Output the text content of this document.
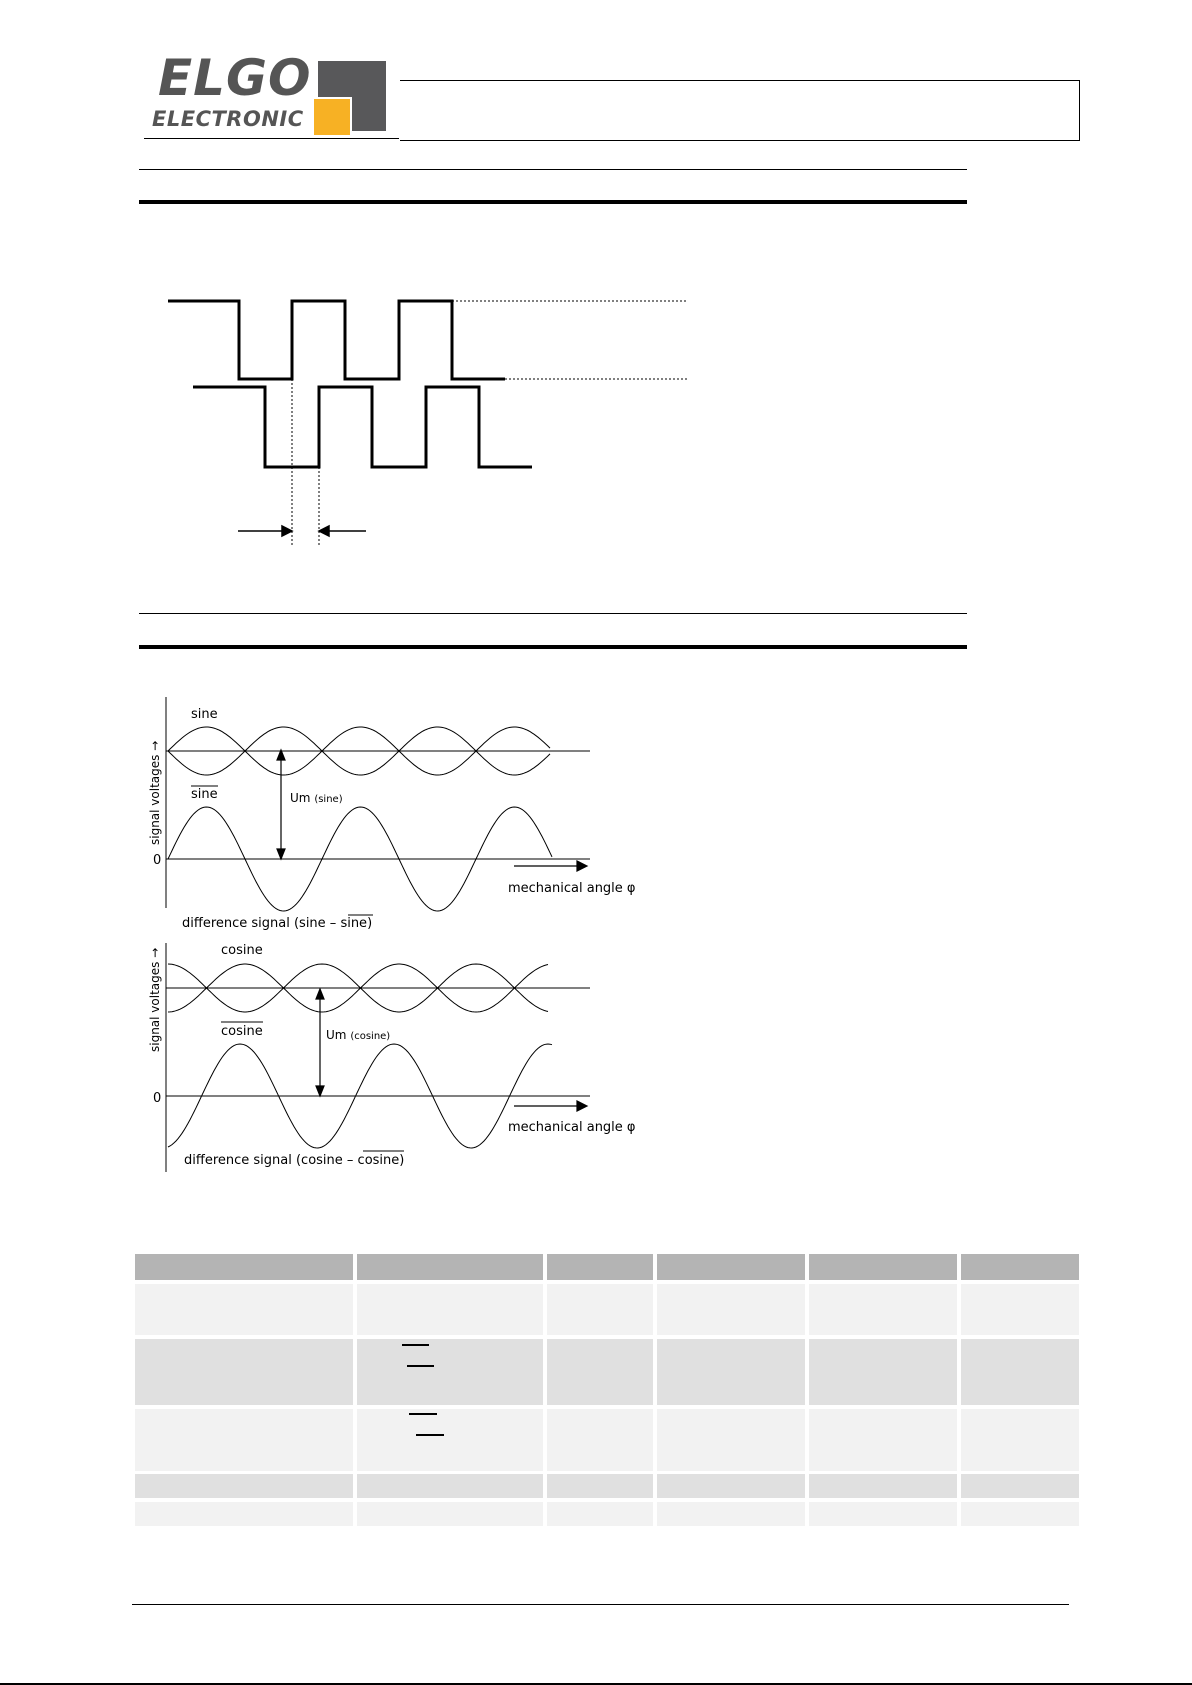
ELGO
ELECTRONIC
sine
sine
signal voltages →
0
Um (sine)
mechanical angle φ
difference signal (sine – sine)
cosine
cosine
signal voltages →
0
Um (cosine)
mechanical angle φ
difference signal (cosine – cosine)
